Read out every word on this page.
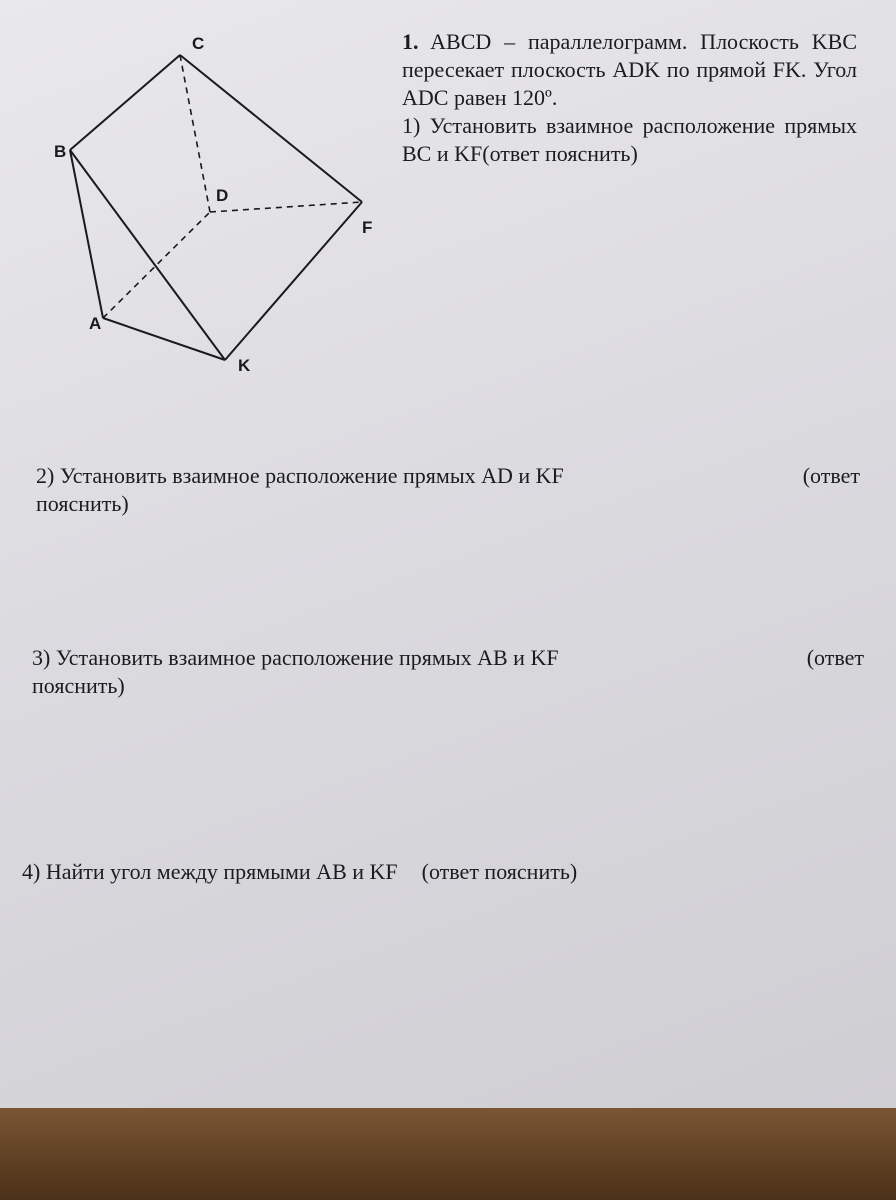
C
B
D
F
A
K

1. ABCD – параллелограмм. Плоскость KBC пересекает плоскость ADK по прямой FK. Угол ADC равен 120º.

1) Установить взаимное расположение прямых BC и KF(ответ пояснить)

2) Установить взаимное расположение прямых AD и KF	(ответ
пояснить)
3) Установить взаимное расположение прямых AB и KF	(ответ
пояснить)
4) Найти угол между прямыми AB и KF (ответ пояснить)
